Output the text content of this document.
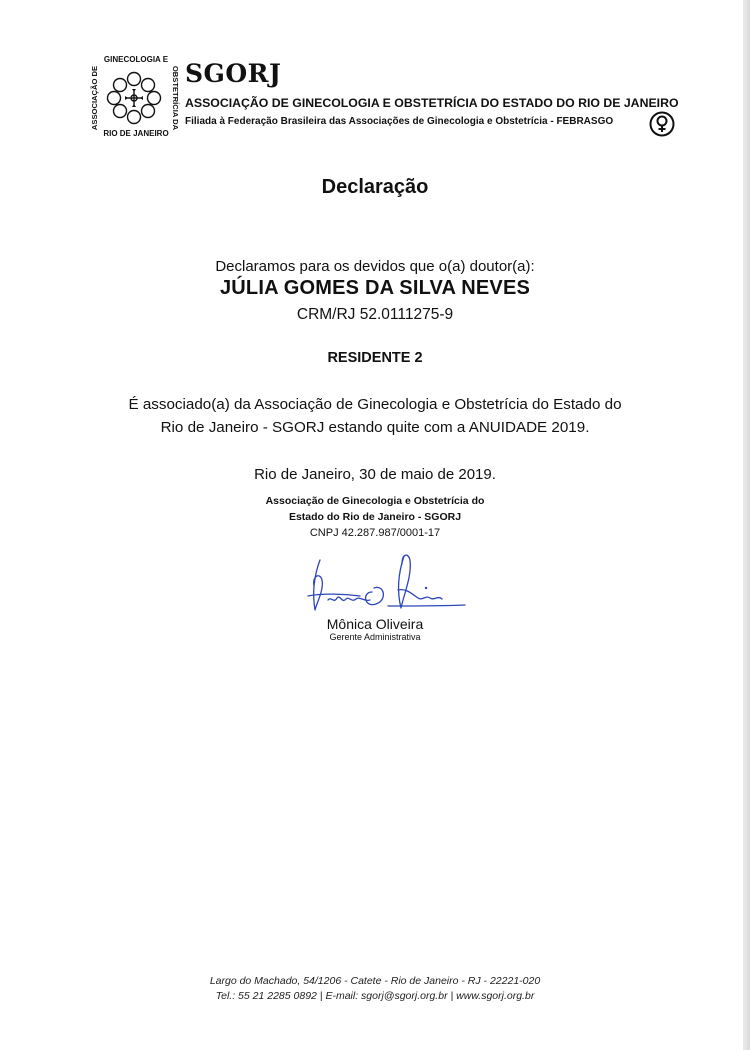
GINECOLOGIA E
RIO DE JANEIRO
ASSOCIAÇÃO DE	OBSTETRÍCIA DA SGORJ
ASSOCIAÇÃO DE GINECOLOGIA E OBSTETRÍCIA DO ESTADO DO RIO DE JANEIRO
Filiada à Federação Brasileira das Associações de Ginecologia e Obstetrícia - FEBRASGO
Declaração
Declaramos para os devidos que o(a) doutor(a):
JÚLIA GOMES DA SILVA NEVES
CRM/RJ 52.0111275-9
RESIDENTE 2
É associado(a) da Associação de Ginecologia e Obstetrícia do Estado do
Rio de Janeiro - SGORJ estando quite com a ANUIDADE 2019.
Rio de Janeiro, 30 de maio de 2019.
Associação de Ginecologia e Obstetrícia do
Estado do Rio de Janeiro - SGORJ
CNPJ 42.287.987/0001-17
Mônica Oliveira
Gerente Administrativa
Largo do Machado, 54/1206 - Catete - Rio de Janeiro - RJ - 22221-020
Tel.: 55 21 2285 0892 | E-mail: sgorj@sgorj.org.br | www.sgorj.org.br
